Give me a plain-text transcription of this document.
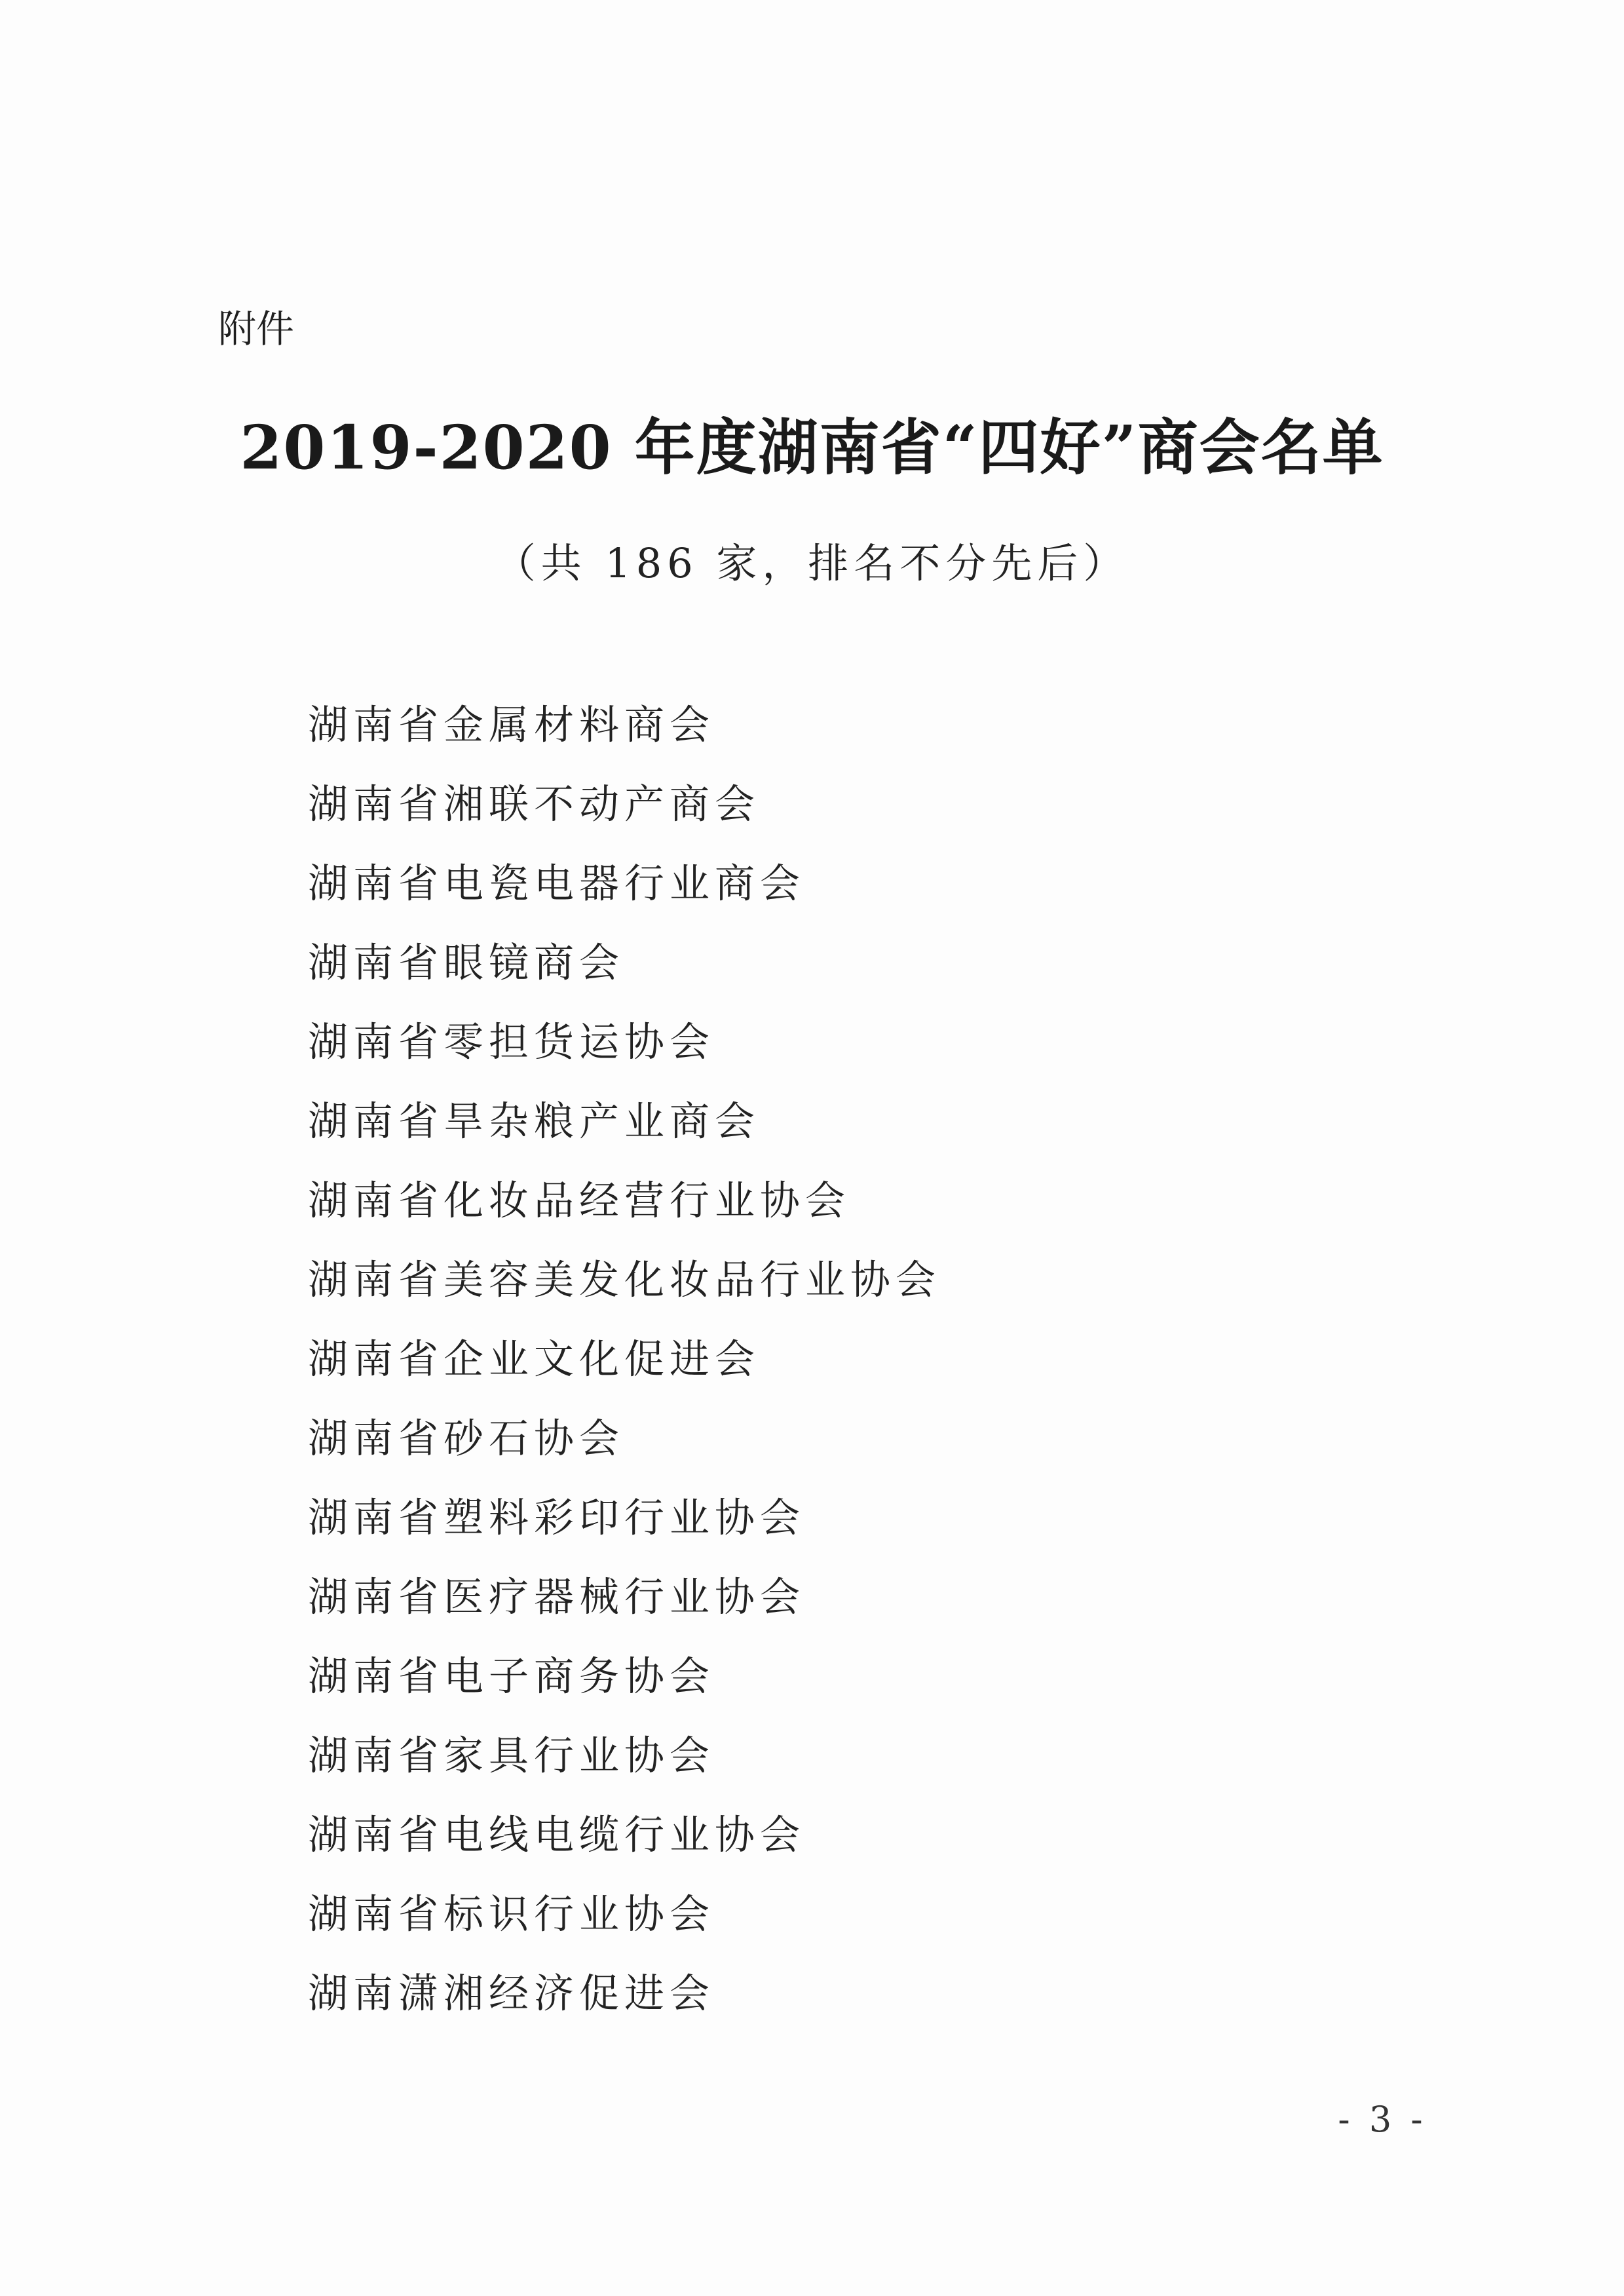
附件
2019-2020 年度湖南省“四好”商会名单
（共 186 家，排名不分先后）
湖南省金属材料商会
湖南省湘联不动产商会
湖南省电瓷电器行业商会
湖南省眼镜商会
湖南省零担货运协会
湖南省旱杂粮产业商会
湖南省化妆品经营行业协会
湖南省美容美发化妆品行业协会
湖南省企业文化促进会
湖南省砂石协会
湖南省塑料彩印行业协会
湖南省医疗器械行业协会
湖南省电子商务协会
湖南省家具行业协会
湖南省电线电缆行业协会
湖南省标识行业协会
湖南潇湘经济促进会
- 3 -
